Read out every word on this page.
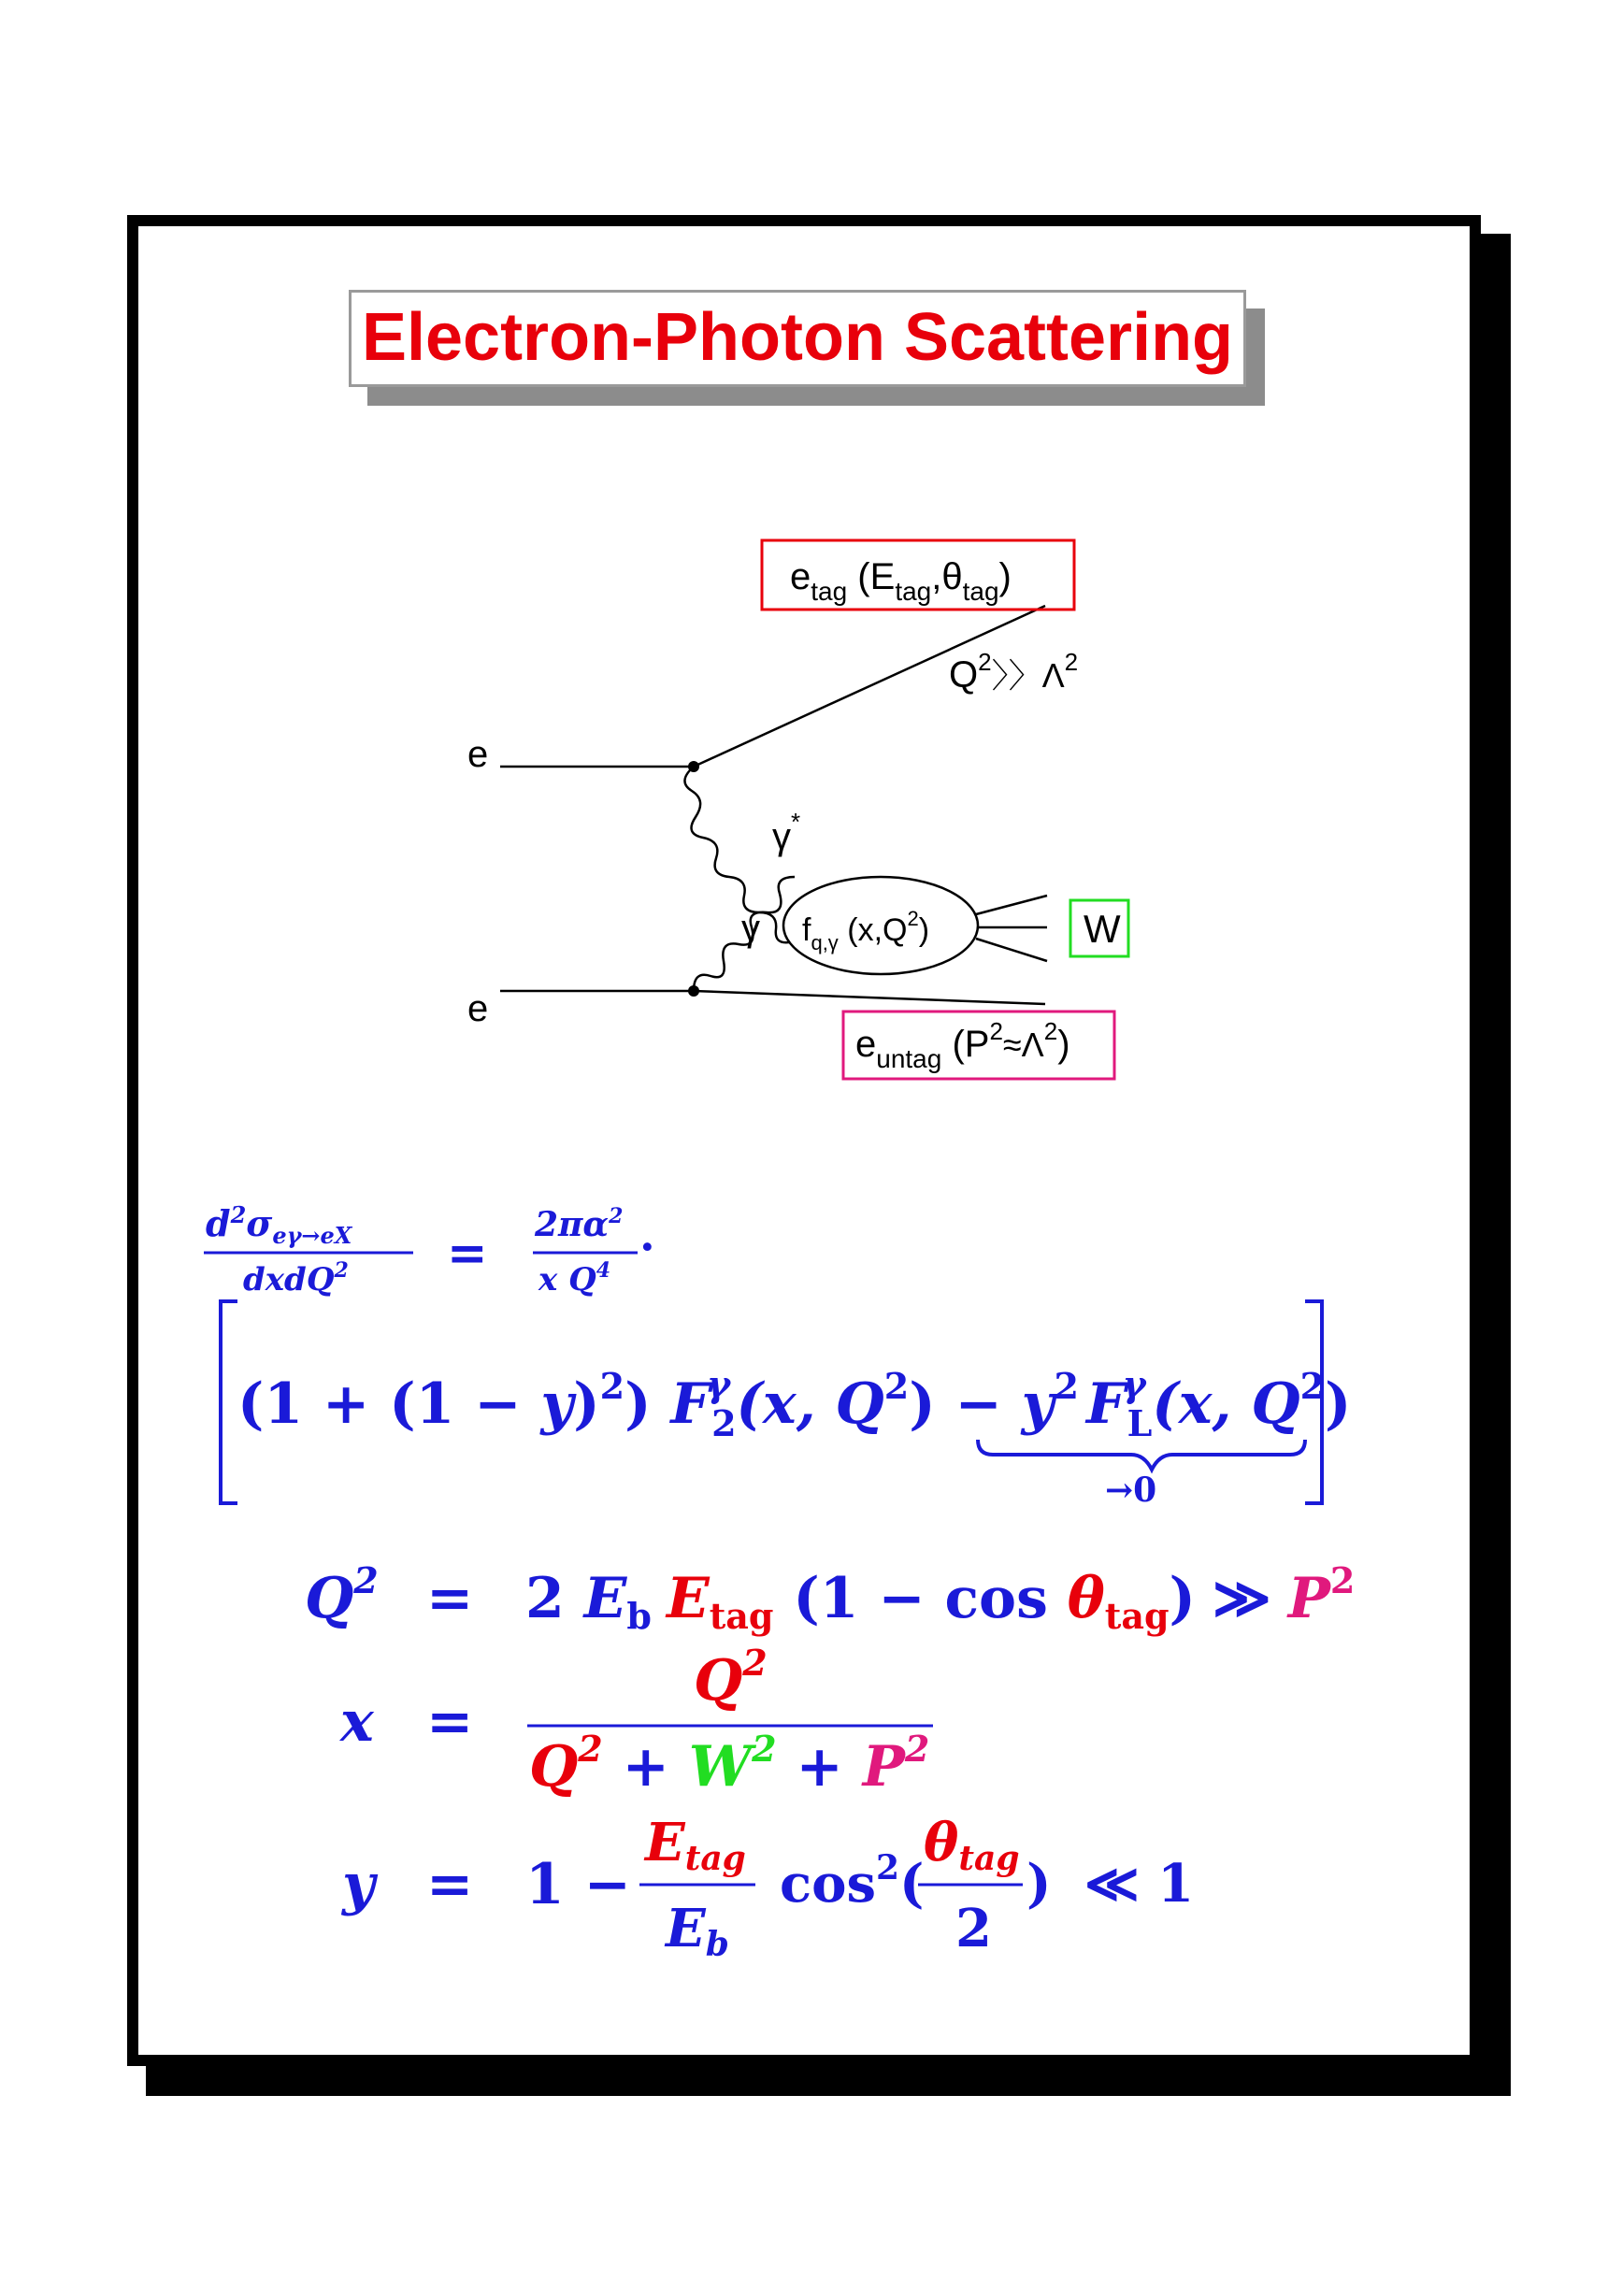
Electron-Photon Scattering
e
e
$e_{tag}$ $(E_{tag},\theta_{tag})$
$Q^2$〉〉$\Lambda^2$
γ*
γ $f_{q,\gamma}$ $(x,Q^2)$	W
$e_{untag}$ $(P^2\approx\Lambda^2)$
$d^2\sigma_{e\gamma\to eX}$
dxdQ$^2$ = $2\pi\alpha^2$
x $Q^4$ ·
$(1 + (1 - y)^2)$ Fγ 2(x, $Q^2) - y^2$ Fγ L(x, $Q^2$)
→0
$Q^2 = 2$ $E_b$ $E_{tag}$ $(1 - \cos \theta_{tag})$ ≫ $P^2$
x =
$Q^2$
$Q^2 + W^2 + P^2$
y = 1 −
Etag
Eb
$\cos^2$(
θtag
2
) ≪ 1
